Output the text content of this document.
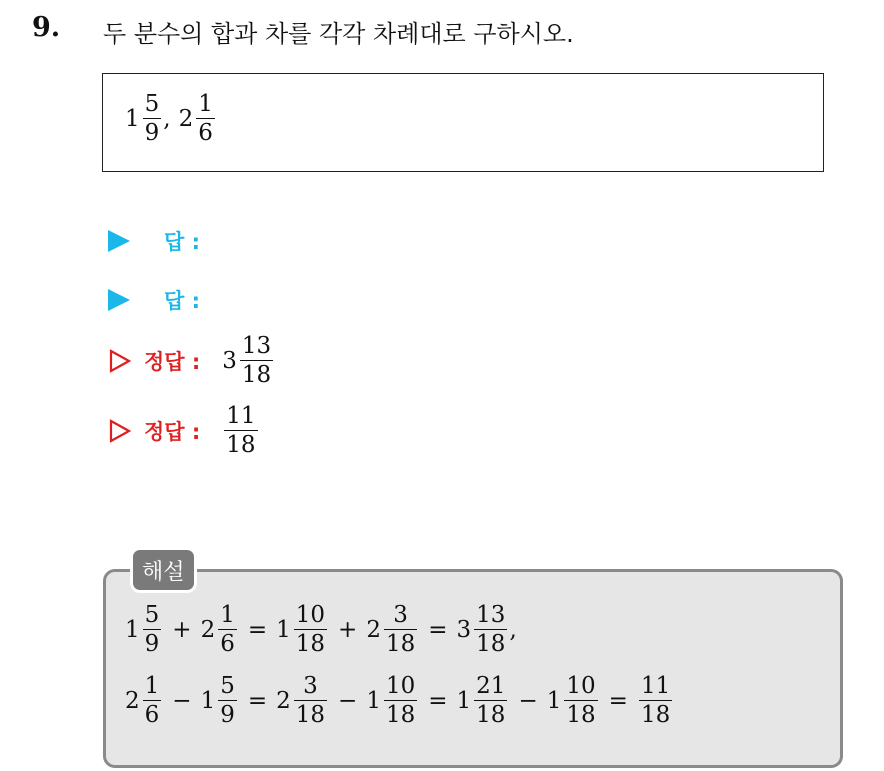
9. 두 분수의 합과 차를 각각 차례대로 구하시오.
$1 \frac{5}{9}$ , $2 \frac{1}{6}$
답 :
답 :
정답 : $3 \frac{13}{18}$
정답 : $\frac{11}{18}$
해설
$1 \frac{5}{9} + 2 \frac{1}{6} = 1 \frac{10}{18} + 2 \frac{3}{18} = 3 \frac{13}{18}$ ,
$2 \frac{1}{6} - 1 \frac{5}{9} = 2 \frac{3}{18} - 1 \frac{10}{18} = 1 \frac{21}{18} - 1 \frac{10}{18} = \frac{11}{18}$
